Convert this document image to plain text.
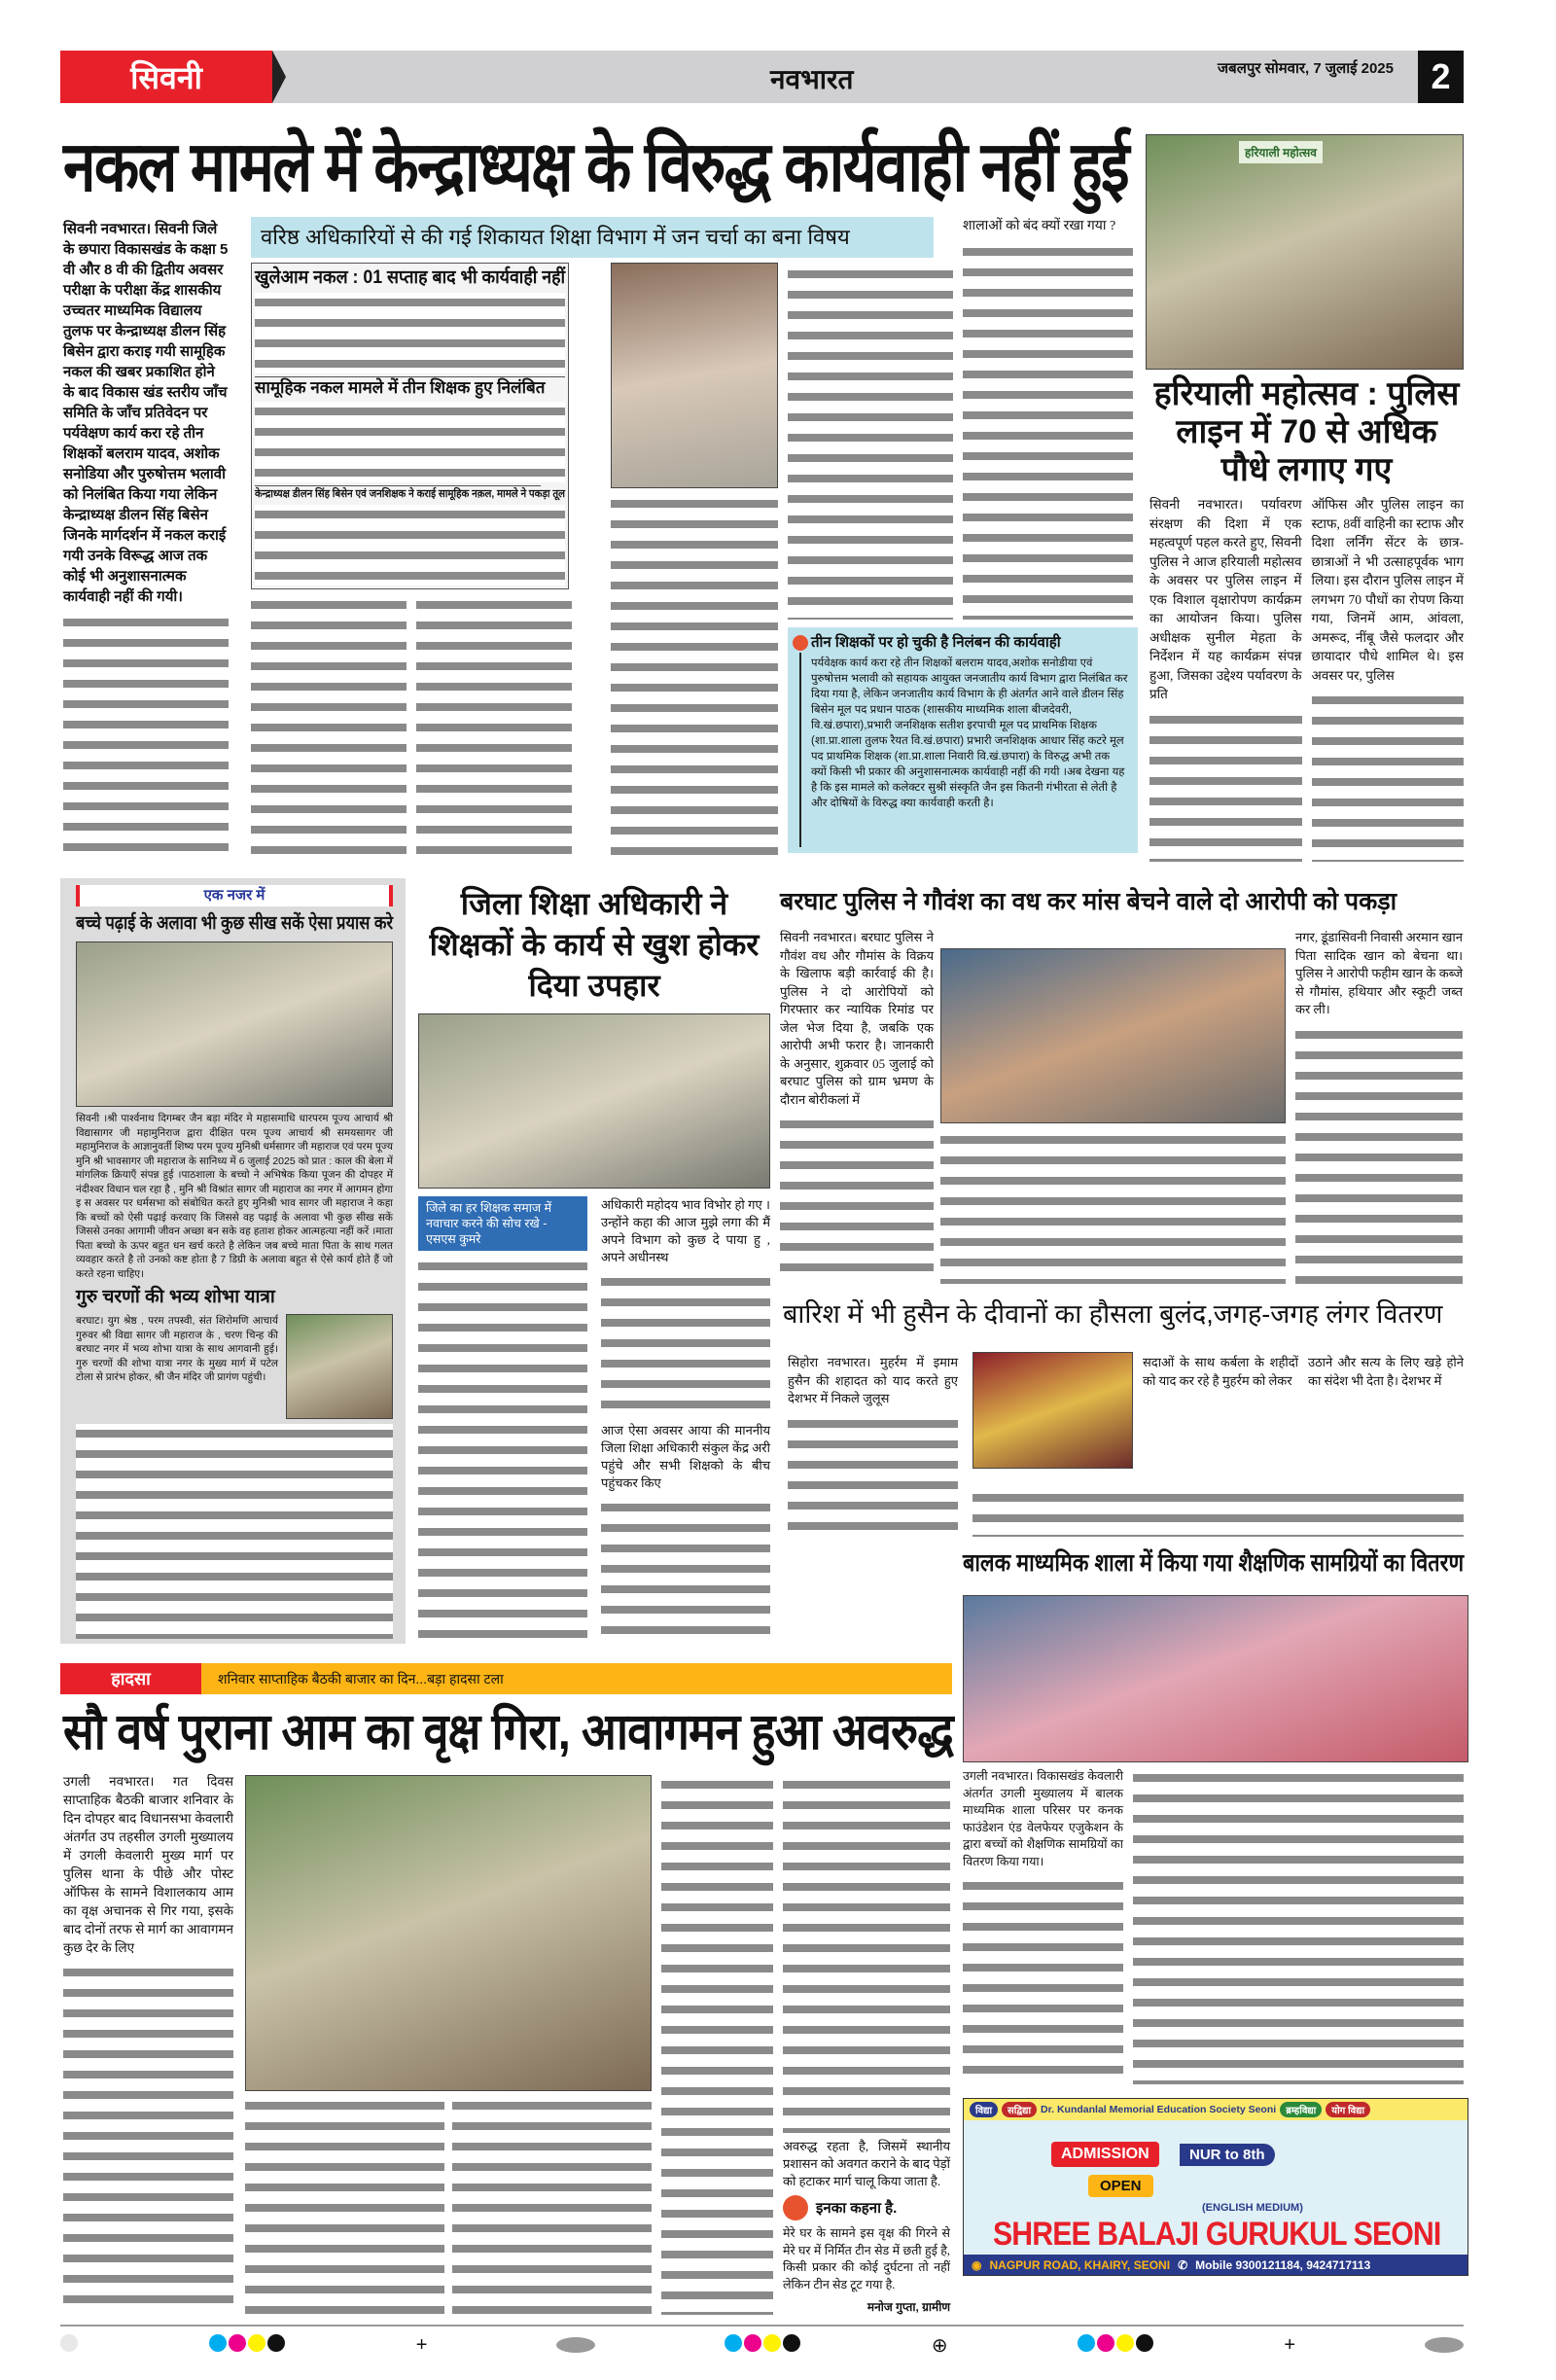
सिवनी	नवभारत	जबलपुर सोमवार, 7 जुलाई 2025	2
नकल मामले में केन्द्राध्यक्ष के विरुद्ध कार्यवाही नहीं हुई
सिवनी नवभारत। सिवनी जिले के छपारा विकासखंड के कक्षा 5 वी और 8 वी की द्वितीय अवसर परीक्षा के परीक्षा केंद्र शासकीय उच्चतर माध्यमिक विद्यालय तुलफ पर केन्द्राध्यक्ष डीलन सिंह बिसेन द्वारा कराइ गयी सामूहिक नकल की खबर प्रकाशित होने के बाद विकास खंड स्तरीय जाँच समिति के जाँच प्रतिवेदन पर पर्यवेक्षण कार्य करा रहे तीन शिक्षकों बलराम यादव, अशोक सनोडिया और पुरुषोत्तम भलावी को निलंबित किया गया लेकिन केन्द्राध्यक्ष डीलन सिंह बिसेन जिनके मार्गदर्शन में नकल कराई गयी उनके विरूद्ध आज तक कोई भी अनुशासनात्मक कार्यवाही नहीं की गयी।
वरिष्ठ अधिकारियों से की गई शिकायत शिक्षा विभाग में जन चर्चा का बना विषय
खुलेआम नकल : 01 सप्ताह बाद भी कार्यवाही नहीं
सामूहिक नकल मामले में तीन शिक्षक हुए निलंबित
केन्द्राध्यक्ष डीलन सिंह बिसेन एवं जनशिक्षक ने कराई सामूहिक नक़ल, मामले ने पकड़ा तूल
शालाओं को बंद क्यों रखा गया ?
तीन शिक्षकों पर हो चुकी है निलंबन की कार्यवाही
पर्यवेक्षक कार्य करा रहे तीन शिक्षकों बलराम यादव,अशोक सनोडीया एवं पुरुषोत्तम भलावी को सहायक आयुक्त जनजातीय कार्य विभाग द्वारा निलंबित कर दिया गया है, लेकिन जनजातीय कार्य विभाग के ही अंतर्गत आने वाले डीलन सिंह बिसेन मूल पद प्रधान पाठक (शासकीय माध्यमिक शाला बीजदेवरी, वि.खं.छपारा),प्रभारी जनशिक्षक सतीश इरपाची मूल पद प्राथमिक शिक्षक (शा.प्रा.शाला तुलफ रैयत वि.खं.छपारा) प्रभारी जनशिक्षक आधार सिंह कटरे मूल पद प्राथमिक शिक्षक (शा.प्रा.शाला निवारी वि.खं.छपारा) के विरुद्ध अभी तक क्यों किसी भी प्रकार की अनुशासनात्मक कार्यवाही नहीं की गयी ।अब देखना यह है कि इस मामले को कलेक्टर सुश्री संस्कृति जैन इस कितनी गंभीरता से लेती है और दोषियों के विरुद्ध क्या कार्यवाही करती है।
हरियाली महोत्सव
हरियाली महोत्सव : पुलिस लाइन में 70 से अधिक पौधे लगाए गए
सिवनी नवभारत। पर्यावरण संरक्षण की दिशा में एक महत्वपूर्ण पहल करते हुए, सिवनी पुलिस ने आज हरियाली महोत्सव के अवसर पर पुलिस लाइन में एक विशाल वृक्षारोपण कार्यक्रम का आयोजन किया। पुलिस अधीक्षक सुनील मेहता के निर्देशन में यह कार्यक्रम संपन्न हुआ, जिसका उद्देश्य पर्यावरण के प्रति
ऑफिस और पुलिस लाइन का स्टाफ, 8वीं वाहिनी का स्टाफ और दिशा लर्निंग सेंटर के छात्र-छात्राओं ने भी उत्साहपूर्वक भाग लिया। इस दौरान पुलिस लाइन में लगभग 70 पौधों का रोपण किया गया, जिनमें आम, आंवला, अमरूद, नींबू जैसे फलदार और छायादार पौधे शामिल थे। इस अवसर पर, पुलिस
एक नजर में
बच्चे पढ़ाई के अलावा भी कुछ सीख सकें ऐसा प्रयास करे
सिवनी ।श्री पार्श्वनाथ दिगम्बर जैन बड़ा मंदिर मे महासमाधि धारपरम पूज्य आचार्य श्री विद्यासागर जी महामुनिराज द्वारा दीक्षित परम पूज्य आचार्य श्री समयसागर जी महामुनिराज के आज्ञानुवर्ती शिष्य परम पूज्य मुनिश्री धर्मसागर जी महाराज एवं परम पूज्य मुनि श्री भावसागर जी महाराज के सानिध्य में 6 जुलाई 2025 को प्रात : काल की बेला में मांगलिक क्रियाएँ संपन्न हुई ।पाठशाला के बच्चो ने अभिषेक किया पूजन की दोपहर में नंदीश्वर विधान चल रहा है , मुनि श्री विश्रांत सागर जी महाराज का नगर में आगमन होगा इ स अवसर पर धर्मसभा को संबोधित करते हुए मुनिश्री भाव सागर जी महाराज ने कहा कि बच्चों को ऐसी पढ़ाई करवाए कि जिससे वह पढ़ाई के अलावा भी कुछ सीख सकें जिससे उनका आगामी जीवन अच्छा बन सके वह हताश होकर आत्महत्या नहीं करें ।माता पिता बच्चो के ऊपर बहुत धन खर्च करते है लेकिन जब बच्चे माता पिता के साथ गलत व्यवहार करते है तो उनको कष्ट होता है 7 डिग्री के अलावा बहुत से ऐसे कार्य होते हैं जो करते रहना चाहिए।
गुरु चरणों की भव्य शोभा यात्रा
बरघाट। युग श्रेष्ठ , परम तपस्वी, संत शिरोमणि आचार्य गुरुवर श्री विद्या सागर जी महाराज के , चरण चिन्ह की बरघाट नगर में भव्य शोभा यात्रा के साथ आगवानी हुई। गुरु चरणों की शोभा यात्रा नगर के मुख्य मार्ग में पटेल टोला से प्रारंभ होकर, श्री जैन मंदिर जी प्रागंण पहुंची।
जिला शिक्षा अधिकारी ने शिक्षकों के कार्य से खुश होकर दिया उपहार
जिले का हर शिक्षक समाज में नवाचार करने की सोच रखे - एसएस कुमरे
अधिकारी महोदय भाव विभोर हो गए । उन्होंने कहा की आज मुझे लगा की मैं अपने विभाग को कुछ दे पाया हु , अपने अधीनस्थ
आज ऐसा अवसर आया की माननीय जिला शिक्षा अधिकारी संकुल केंद्र अरी पहुंचे और सभी शिक्षको के बीच पहुंचकर किए
बरघाट पुलिस ने गौवंश का वध कर मांस बेचने वाले दो आरोपी को पकड़ा
सिवनी नवभारत। बरघाट पुलिस ने गौवंश वध और गौमांस के विक्रय के खिलाफ बड़ी कार्रवाई की है। पुलिस ने दो आरोपियों को गिरफ्तार कर न्यायिक रिमांड पर जेल भेज दिया है, जबकि एक आरोपी अभी फरार है। जानकारी के अनुसार, शुक्रवार 05 जुलाई को बरघाट पुलिस को ग्राम भ्रमण के दौरान बोरीकलां में
नगर, डूंडासिवनी निवासी अरमान खान पिता सादिक खान को बेचना था। पुलिस ने आरोपी फहीम खान के कब्जे से गौमांस, हथियार और स्कूटी जब्त कर ली।
बारिश में भी हुसैन के दीवानों का हौसला बुलंद,जगह-जगह लंगर वितरण
सिहोरा नवभारत। मुहर्रम में इमाम हुसैन की शहादत को याद करते हुए देशभर में निकले जुलूस
सदाओं के साथ कर्बला के शहीदों को याद कर रहे है मुहर्रम को लेकर
उठाने और सत्य के लिए खड़े होने का संदेश भी देता है। देशभर में
बालक माध्यमिक शाला में किया गया शैक्षणिक सामग्रियों का वितरण
उगली नवभारत। विकासखंड केवलारी अंतर्गत उगली मुख्यालय में बालक माध्यमिक शाला परिसर पर कनक फाउंडेशन एंड वेलफेयर एजुकेशन के द्वारा बच्चों को शैक्षणिक सामग्रियों का वितरण किया गया।
हादसा	शनिवार साप्ताहिक बैठकी बाजार का दिन...बड़ा हादसा टला
सौ वर्ष पुराना आम का वृक्ष गिरा, आवागमन हुआ अवरुद्ध
उगली नवभारत। गत दिवस साप्ताहिक बैठकी बाजार शनिवार के दिन दोपहर बाद विधानसभा केवलारी अंतर्गत उप तहसील उगली मुख्यालय में उगली केवलारी मुख्य मार्ग पर पुलिस थाना के पीछे और पोस्ट ऑफिस के सामने विशालकाय आम का वृक्ष अचानक से गिर गया, इसके बाद दोनों तरफ से मार्ग का आवागमन कुछ देर के लिए
अवरुद्ध रहता है, जिसमें स्थानीय प्रशासन को अवगत कराने के बाद पेड़ों को हटाकर मार्ग चालू किया जाता है.
इनका कहना है.
मेरे घर के सामने इस वृक्ष की गिरने से मेरे घर में निर्मित टीन सेड में छती हुई है, किसी प्रकार की कोई दुर्घटना तो नहीं लेकिन टीन सेड टूट गया है.
मनोज गुप्ता, ग्रामीण
विद्या	सद्विद्या Dr. Kundanlal Memorial Education Society Seoni	ब्रम्हविद्या	योग विद्या
ADMISSION	NUR to 8th
OPEN
(ENGLISH MEDIUM)
SHREE BALAJI GURUKUL SEONI
◉ NAGPUR ROAD, KHAIRY, SEONI ✆ Mobile 9300121184, 9424717113
+	⊕	+
